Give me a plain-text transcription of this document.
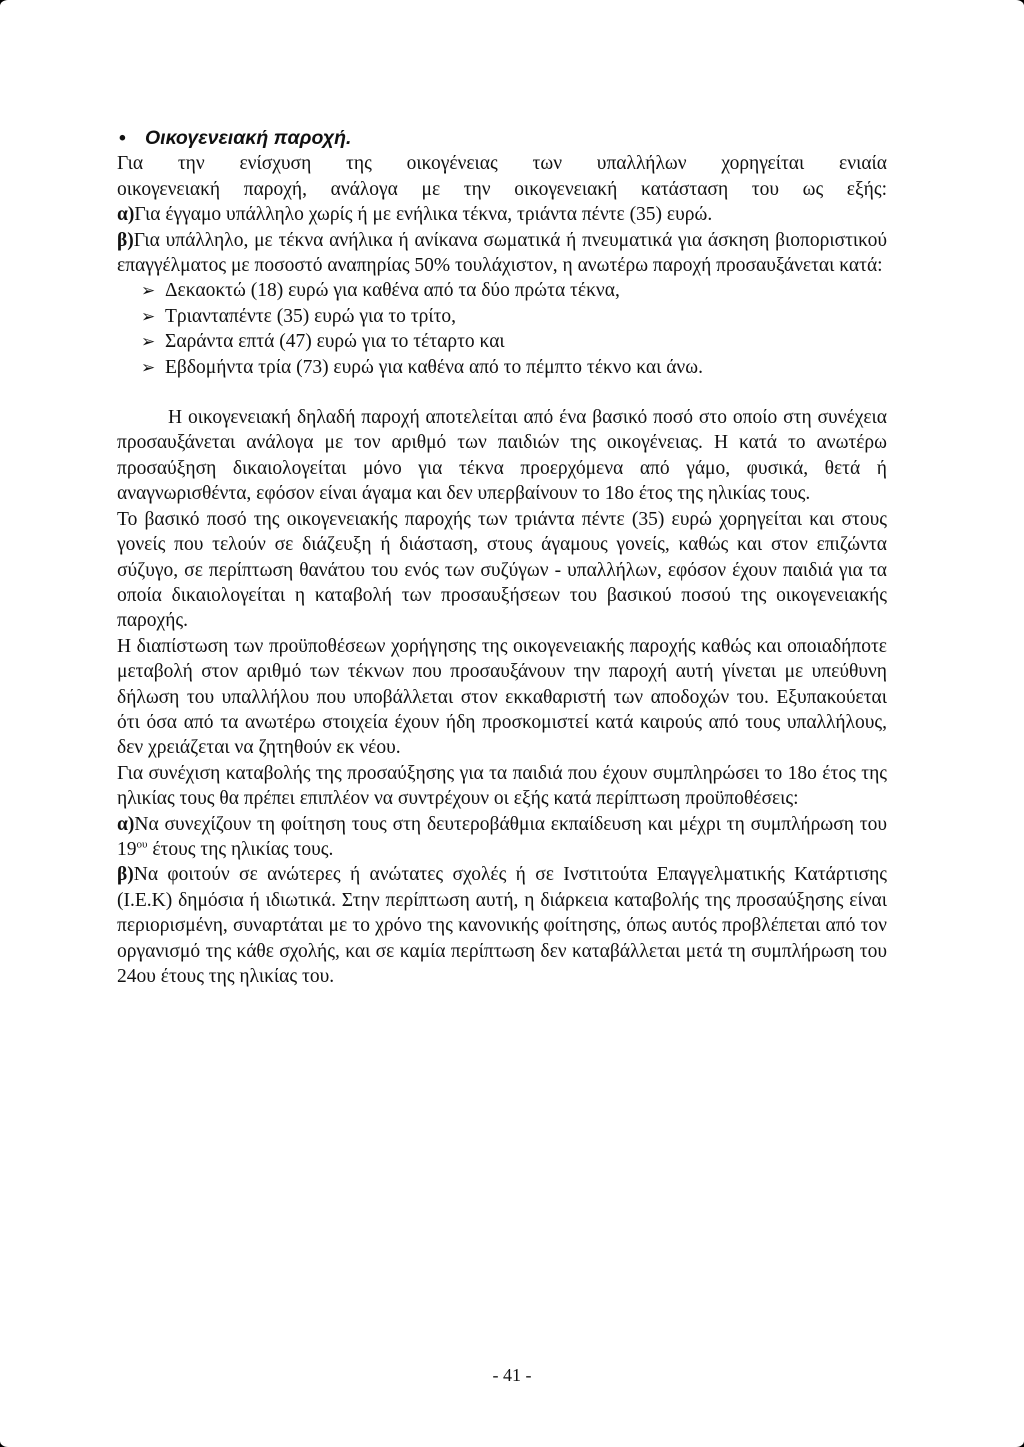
• Οικογενειακή παροχή.

Για την ενίσχυση της οικογένειας των υπαλλήλων χορηγείται ενιαία

οικογενειακή παροχή, ανάλογα με την οικογενειακή κατάσταση του ως εξής:

α)Για έγγαμο υπάλληλο χωρίς ή με ενήλικα τέκνα, τριάντα πέντε (35) ευρώ.

β)Για υπάλληλο, με τέκνα ανήλικα ή ανίκανα σωματικά ή πνευματικά για άσκηση βιοποριστικού επαγγέλματος με ποσοστό αναπηρίας 50% τουλάχιστον, η ανωτέρω παροχή προσαυξάνεται κατά:

➢ Δεκαοκτώ (18) ευρώ για καθένα από τα δύο πρώτα τέκνα,
➢ Τριανταπέντε (35) ευρώ για το τρίτο,
➢ Σαράντα επτά (47) ευρώ για το τέταρτο και
➢ Εβδομήντα τρία (73) ευρώ για καθένα από το πέμπτο τέκνο και άνω.

Η οικογενειακή δηλαδή παροχή αποτελείται από ένα βασικό ποσό στο οποίο στη συνέχεια προσαυξάνεται ανάλογα με τον αριθμό των παιδιών της οικογένειας. Η κατά το ανωτέρω προσαύξηση δικαιολογείται μόνο για τέκνα προερχόμενα από γάμο, φυσικά, θετά ή αναγνωρισθέντα, εφόσον είναι άγαμα και δεν υπερβαίνουν το 18ο έτος της ηλικίας τους.

Το βασικό ποσό της οικογενειακής παροχής των τριάντα πέντε (35) ευρώ χορηγείται και στους γονείς που τελούν σε διάζευξη ή διάσταση, στους άγαμους γονείς, καθώς και στον επιζώντα σύζυγο, σε περίπτωση θανάτου του ενός των συζύγων - υπαλλήλων, εφόσον έχουν παιδιά για τα οποία δικαιολογείται η καταβολή των προσαυξήσεων του βασικού ποσού της οικογενειακής παροχής.

Η διαπίστωση των προϋποθέσεων χορήγησης της οικογενειακής παροχής καθώς και οποιαδήποτε μεταβολή στον αριθμό των τέκνων που προσαυξάνουν την παροχή αυτή γίνεται με υπεύθυνη δήλωση του υπαλλήλου που υποβάλλεται στον εκκαθαριστή των αποδοχών του. Εξυπακούεται ότι όσα από τα ανωτέρω στοιχεία έχουν ήδη προσκομιστεί κατά καιρούς από τους υπαλλήλους, δεν χρειάζεται να ζητηθούν εκ νέου.

Για συνέχιση καταβολής της προσαύξησης για τα παιδιά που έχουν συμπληρώσει το 18ο έτος της ηλικίας τους θα πρέπει επιπλέον να συντρέχουν οι εξής κατά περίπτωση προϋποθέσεις:

α)Να συνεχίζουν τη φοίτηση τους στη δευτεροβάθμια εκπαίδευση και μέχρι τη συμπλήρωση του $19^{o\upsilon}$ έτους της ηλικίας τους.

β)Να φοιτούν σε ανώτερες ή ανώτατες σχολές ή σε Ινστιτούτα Επαγγελματικής Κατάρτισης (Ι.Ε.Κ) δημόσια ή ιδιωτικά. Στην περίπτωση αυτή, η διάρκεια καταβολής της προσαύξησης είναι περιορισμένη, συναρτάται με το χρόνο της κανονικής φοίτησης, όπως αυτός προβλέπεται από τον οργανισμό της κάθε σχολής, και σε καμία περίπτωση δεν καταβάλλεται μετά τη συμπλήρωση του 24ου έτους της ηλικίας του.

- 41 -
